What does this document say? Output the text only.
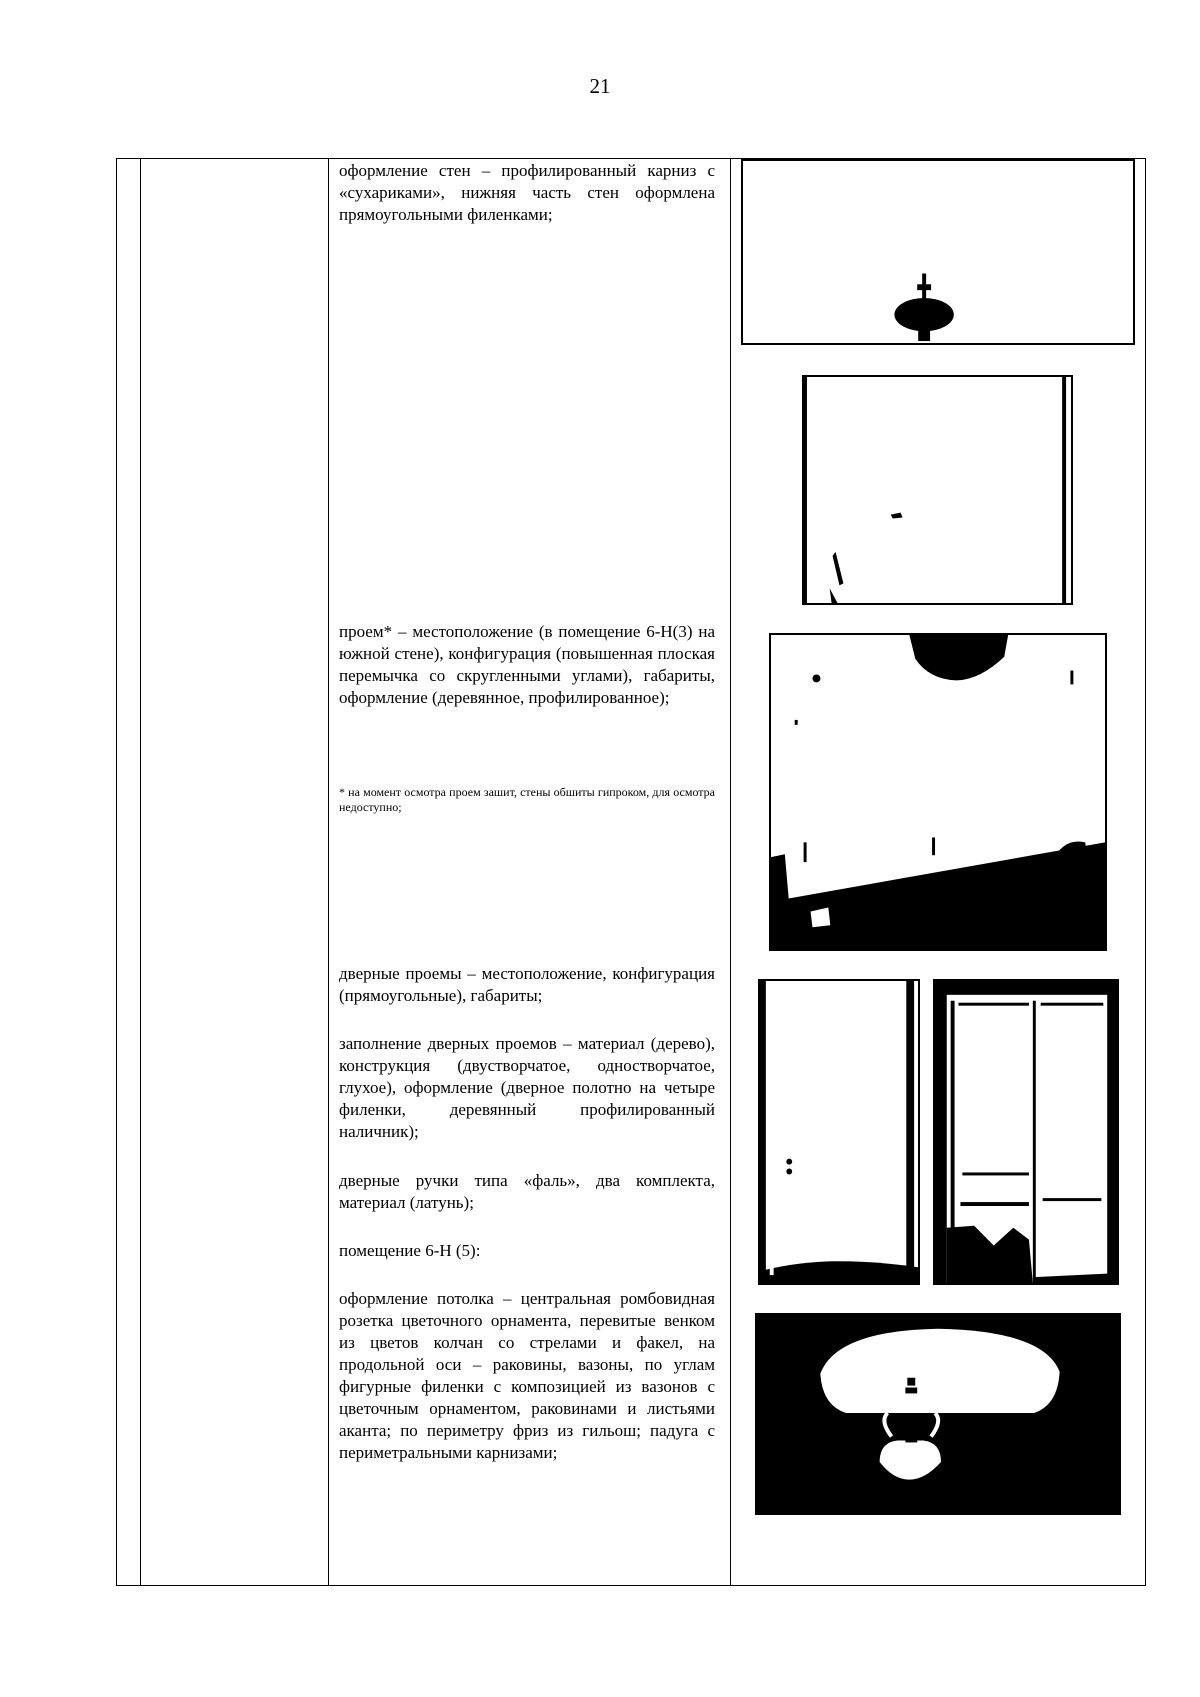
21

оформление стен – профилированный карниз с «сухариками», нижняя часть стен оформлена прямоугольными филенками;

проем* – местоположение (в помещение 6-Н(3) на южной стене), конфигурация (повышенная плоская перемычка со скругленными углами), габариты, оформление (деревянное, профилированное);

* на момент осмотра проем зашит, стены обшиты гипроком, для осмотра недоступно;

дверные проемы – местоположение, конфигурация (прямоугольные), габариты;

заполнение дверных проемов – материал (дерево), конструкция (двустворчатое, одностворчатое, глухое), оформление (дверное полотно на четыре филенки, деревянный профилированный наличник);

дверные ручки типа «фаль», два комплекта, материал (латунь);

помещение 6-Н (5):

оформление потолка – центральная ромбовидная розетка цветочного орнамента, перевитые венком из цветов колчан со стрелами и факел, на продольной оси – раковины, вазоны, по углам фигурные филенки с композицией из вазонов с цветочным орнаментом, раковинами и листьями аканта; по периметру фриз из гильош; падуга с периметральными карнизами;
